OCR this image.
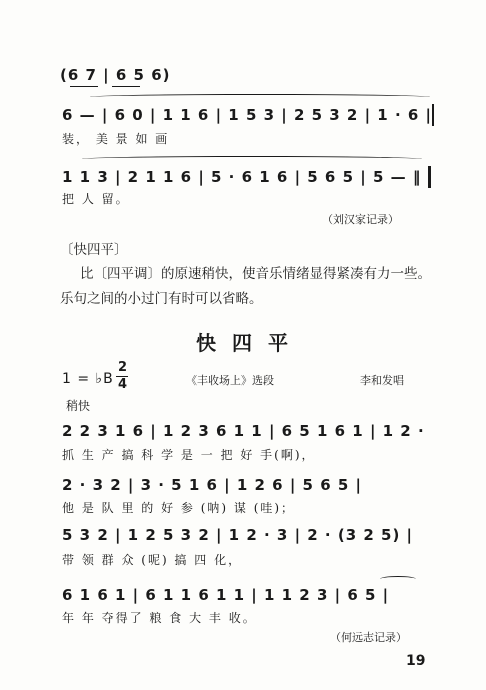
(6 7 | 6 5 6)
6 — | 6 0 | 1 1 6 | 1 5 3 | 2 5 3 2 | 1 · 6 |
装， 美 景 如 画
1 1 3 | 2 1 1 6 | 5 · 6 1 6 | 5 6 5 | 5 — ‖
把 人 留。
（刘汉家记录）
〔快四平〕
比〔四平调〕的原速稍快，使音乐情绪显得紧凑有力一些。
乐句之间的小过门有时可以省略。
快四平
1 = ♭B
2
4	《丰收场上》选段	李和发唱
稍快
2 2 3 1 6 | 1 2 3 6 1 1 | 6 5 1 6 1 | 1 2 ·
抓 生 产 搞 科 学 是 一 把 好 手(啊)，
2 · 3 2 | 3 · 5 1 6 | 1 2 6 | 5 6 5 |
他 是 队 里 的 好 参 (呐) 谋 (哇)；
5 3 2 | 1 2 5 3 2 | 1 2 · 3 | 2 · (3 2 5) |
带 领 群 众 (呢) 搞 四 化，
6 1 6 1 | 6 1 1 6 1 1 | 1 1 2 3 | 6 5 |
年 年 夺得了 粮 食 大 丰 收。
（何远志记录）
19
